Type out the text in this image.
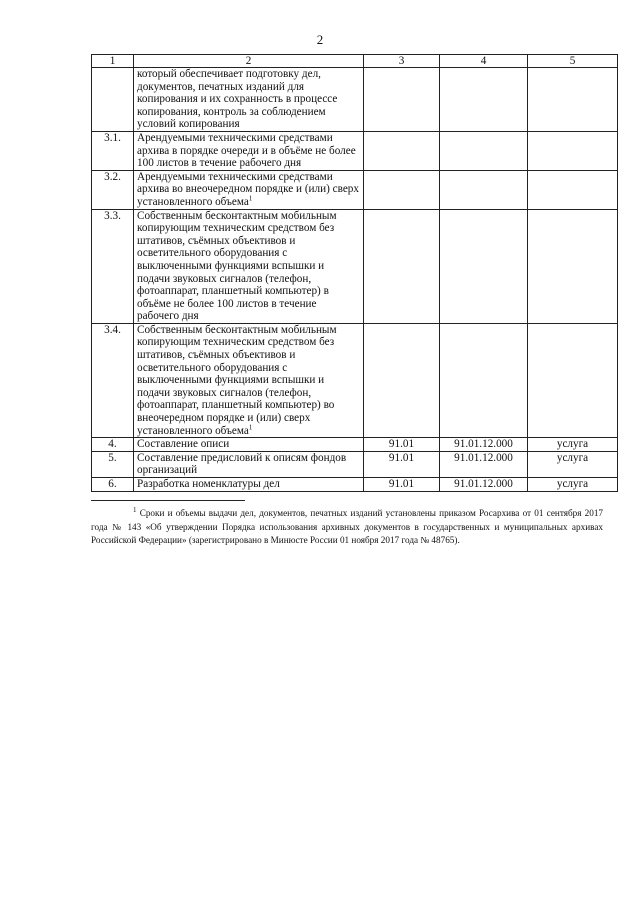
2
1	2	3	4	5
	который обеспечивает подготовку дел, документов, печатных изданий для копирования и их сохранность в процессе копирования, контроль за соблюдением условий копирования			
3.1.	Арендуемыми техническими средствами архива в порядке очереди и в объёме не более 100 листов в течение рабочего дня			
3.2.	Арендуемыми техническими средствами архива во внеочередном порядке и (или) сверх установленного объема$^1$			
3.3.	Собственным бесконтактным мобильным копирующим техническим средством без штативов, съёмных объективов и осветительного оборудования с выключенными функциями вспышки и подачи звуковых сигналов (телефон, фотоаппарат, планшетный компьютер) в объёме не более 100 листов в течение рабочего дня			
3.4.	Собственным бесконтактным мобильным копирующим техническим средством без штативов, съёмных объективов и осветительного оборудования с выключенными функциями вспышки и подачи звуковых сигналов (телефон, фотоаппарат, планшетный компьютер) во внеочередном порядке и (или) сверх установленного объема$^1$			
4.	Составление описи	91.01	91.01.12.000	услуга
5.	Составление предисловий к описям фондов организаций	91.01	91.01.12.000	услуга
6.	Разработка номенклатуры дел	91.01	91.01.12.000	услуга
$^1$ Сроки и объемы выдачи дел, документов, печатных изданий установлены приказом Росархива от 01 сентября 2017 года № 143 «Об утверждении Порядка использования архивных документов в государственных и муниципальных архивах Российской Федерации» (зарегистрировано в Минюсте России 01 ноября 2017 года № 48765).
